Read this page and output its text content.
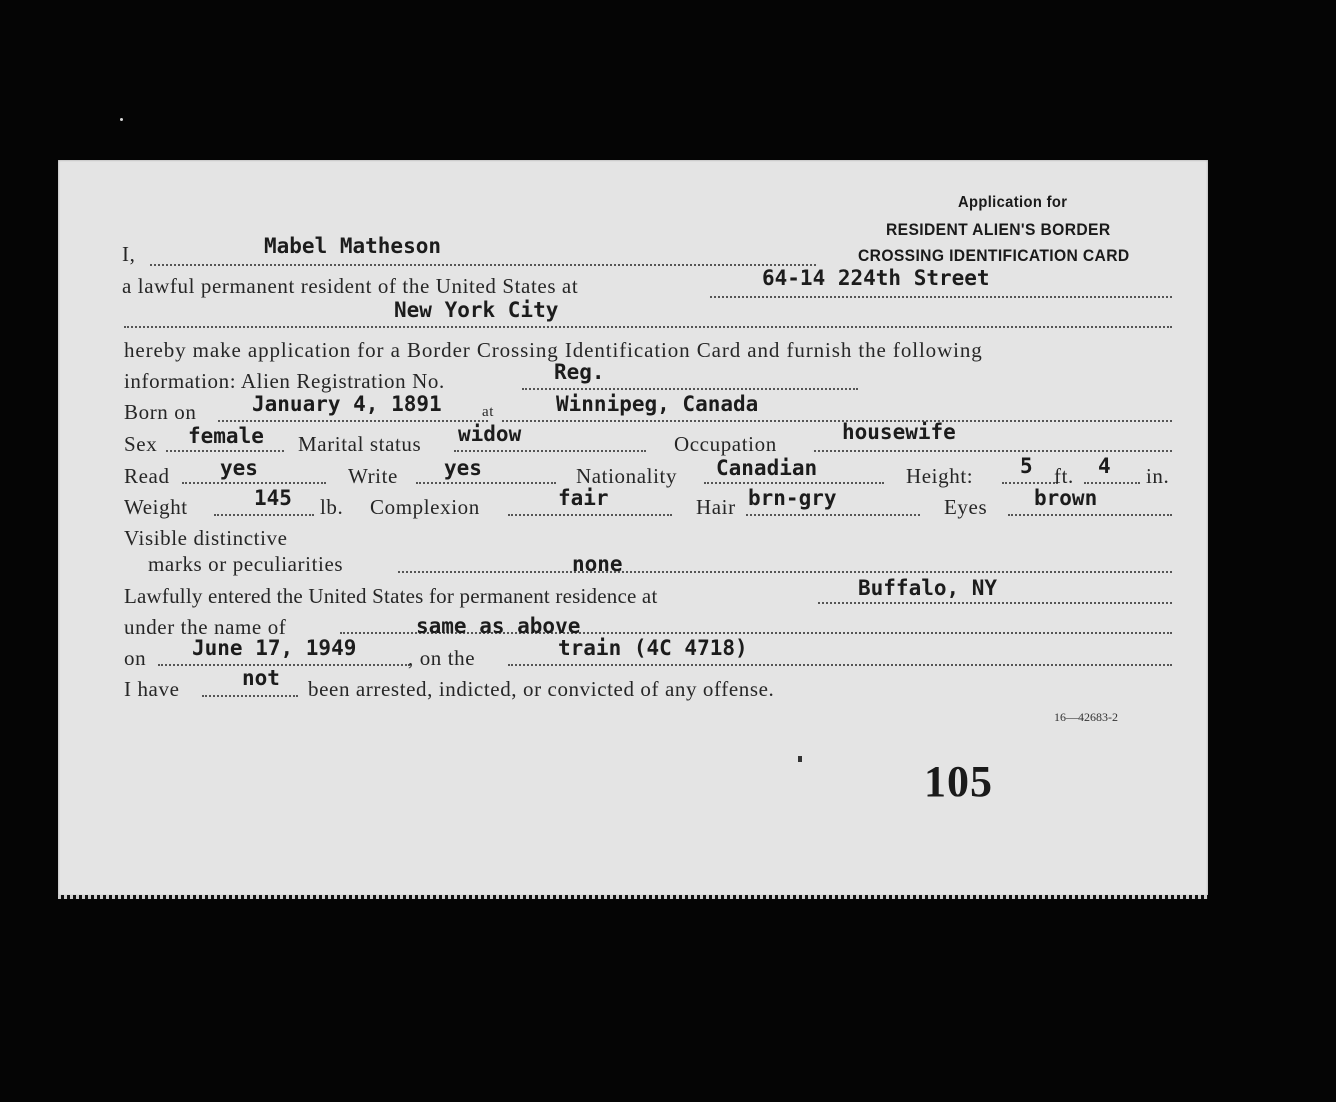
Application for
RESIDENT ALIEN'S BORDER
CROSSING IDENTIFICATION CARD
I,	Mabel Matheson
a lawful permanent resident of the United States at	64-14 224th Street
New York City
hereby make application for a Border Crossing Identification Card and furnish the following
information: Alien Registration No.	Reg.
Born on	January 4, 1891	at	Winnipeg, Canada
Sex female Marital status widow	Occupation	housewife
Read yes	Write yes	Nationality Canadian	Height: 5 ft. 4 in.
Weight	145 lb. Complexion	fair	Hair brn-gry	Eyes brown
Visible distinctive
marks or peculiarities	none
Lawfully entered the United States for permanent residence at	Buffalo, NY
under the name of	same as above
on June 17, 1949 , on the	train (4C 4718)
I have	not been arrested, indicted, or convicted of any offense.
16—42683-2
105
